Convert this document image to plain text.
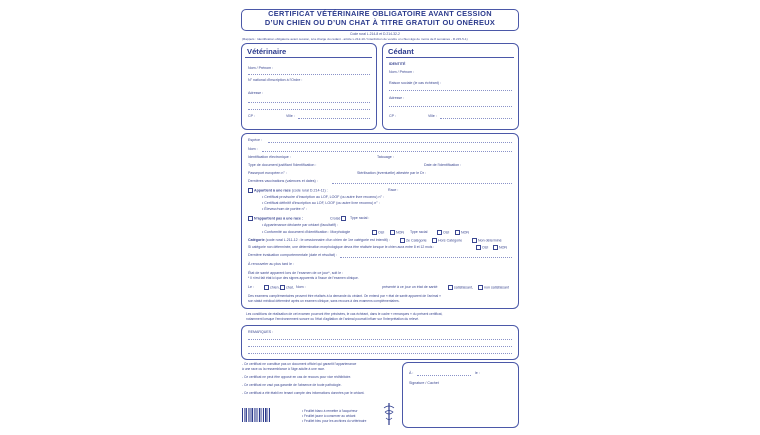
CERTIFICAT VÉTÉRINAIRE OBLIGATOIRE AVANT CESSION
D’UN CHIEN OU D’UN CHAT À TITRE GRATUIT OU ONÉREUX
Code rural L.214-8 et D.214-32-2
(Rappels : Identification obligatoire avant cession, à la charge du cédant - article L.212-10 / Interdiction de vendre un chien âgé de moins de 8 semaines - R.215-5-1)
Vétérinaire
Nom / Prénom :
N° national d’inscription à l’Ordre :
Adresse :
CP :	Ville :
Cédant
IDENTITÉ
Nom / Prénom :
Raison sociale (le cas échéant) :
Adresse :
CP :	Ville :
Espèce :
Nom :
Identification électronique :	Tatouage :
Type de document justifiant l’identification :	Date de l’identification :
Passeport européen n° :	Stérilisation (éventuelle) attestée par le Dr :
Dernières vaccinations (valences et dates) :
Appartient à une race (code rural D.214-11) :	Race :
• Certificat provisoire d’inscription au LOF, LOOF (ou autre livre reconnu) n° :
• Certificat définitif d’inscription au LOF, LOOF (ou autre livre reconnu) n° :
• Éleveur/nom de portée n° :
N’appartient pas à une race :	Croisé	Type racial :
• Appartenance déclarée par cédant (facultatif) :
• Conformité au document d’identification : Morphologie	OUI	NON Type racial	OUI	NON
Catégorie (code rural L.211-12 : le cessionnaire d’un chien de 1re catégorie est interdit) :	2e Catégorie	Hors Catégorie	Non déterminé
Si catégorie non déterminée, une détermination morphologique devra être réalisée lorsque le chien aura entre 8 et 12 mois :	OUI	NON
Dernière évaluation comportementale (date et résultat) :
À renouveler au plus tard le :
État de santé apparent lors de l’examen de ce jour*, soit le :
* Il n’est fait état ici que des signes apparents à l’issue de l’examen clinique.
Le :	chien,	chat, Nom :	présenté à ce jour un état de santé	satisfaisant,	non satisfaisant
Des examens complémentaires peuvent être réalisés à la demande du cédant. On entend par « état de santé apparent de l’animal »
son statut médical déterminé après un examen clinique, sans recours à des examens complémentaires.
Les conditions de réalisation de cet examen pourront être précisées, le cas échéant, dans le cadre « remarques » du présent certificat,
notamment lorsque l’environnement sonore ou l’état d’agitation de l’animal pourrait influer sur l’interprétation du relevé.
REMARQUES :
- Ce certificat ne constitue pas un document officiel qui garantit l’appartenance
à une race ou la ressemblance à l’âge adulte à une race.
- Ce certificat ne peut être opposé en cas de recours pour vice rédhibitoire.
- Ce certificat ne vaut pas garantie de l’absence de toute pathologie.
- Ce certificat a été établi en tenant compte des informations données par le cédant.
À :	le :
Signature / Cachet
• Feuillet blanc à remettre à l’acquéreur
• Feuillet jaune à conserver au cédant
• Feuillet bleu pour les archives du vétérinaire
